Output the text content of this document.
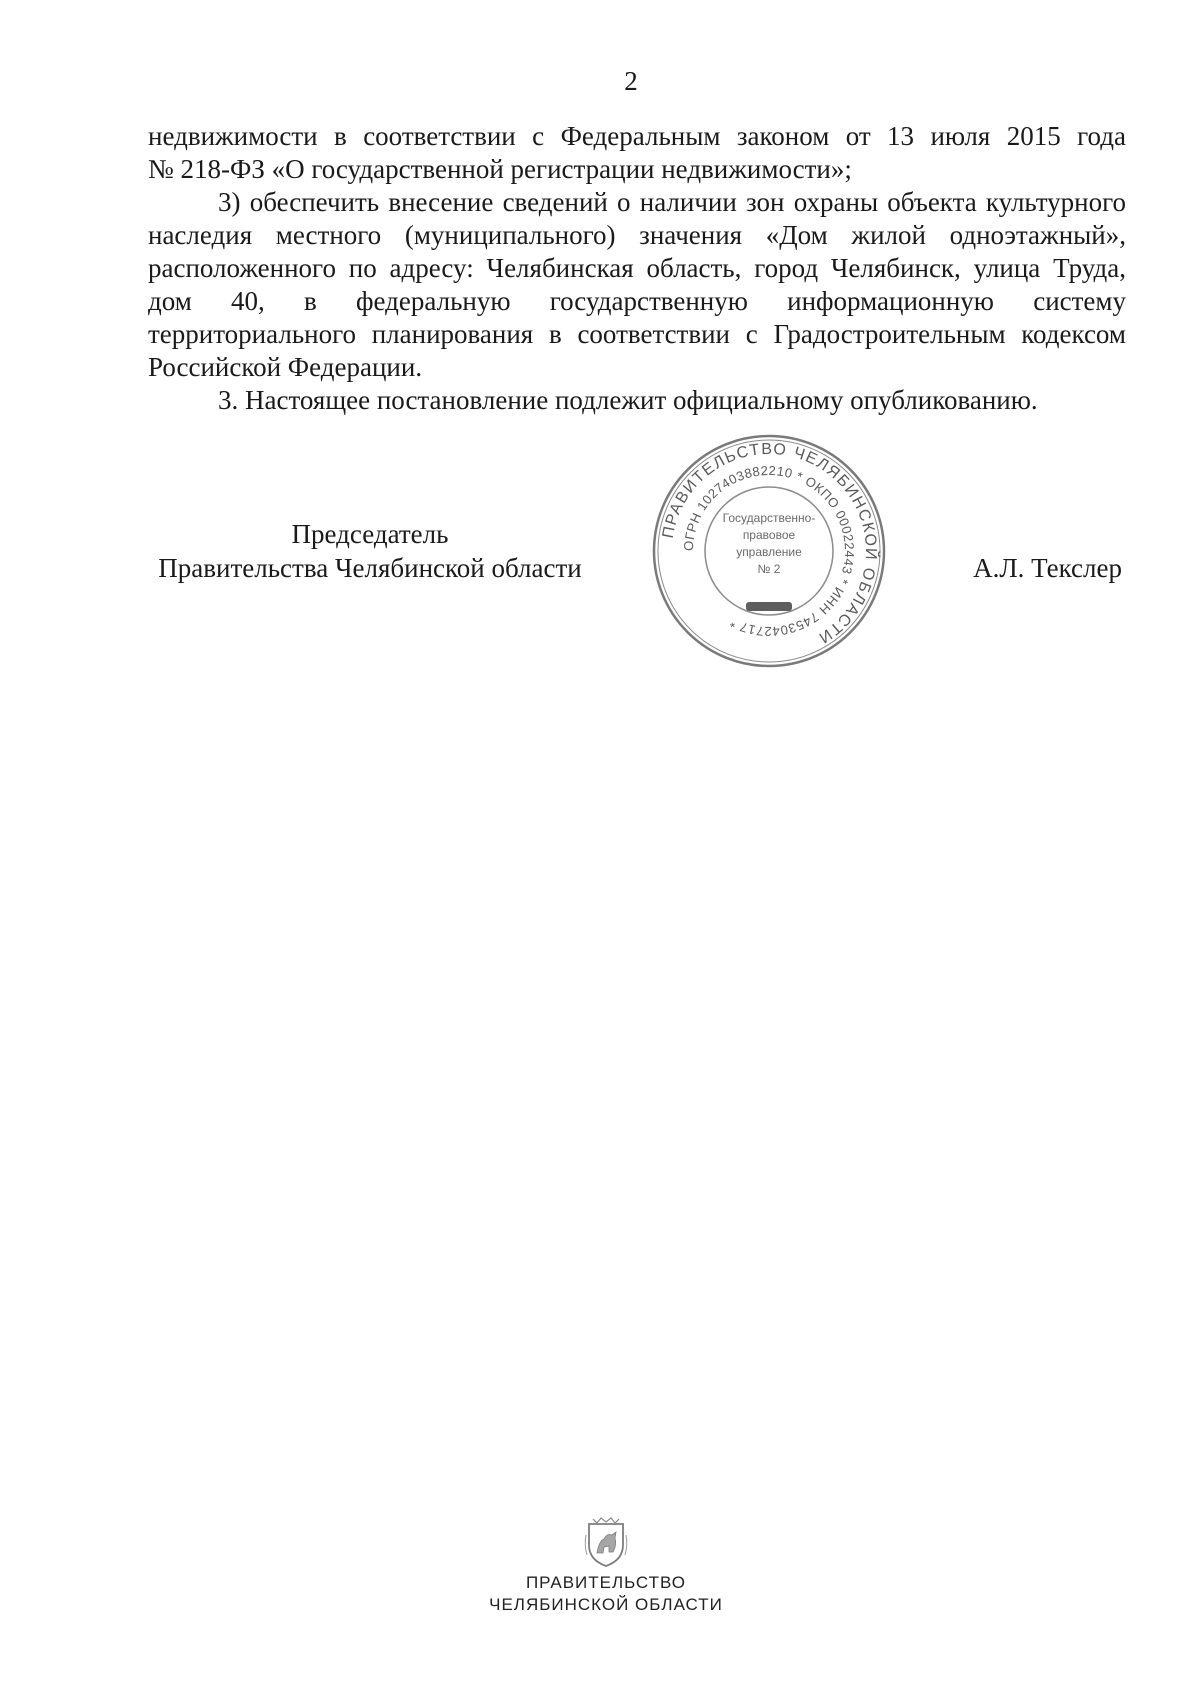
2

недвижимости в соответствии с Федеральным законом от 13 июля 2015 года

№ 218-ФЗ «О государственной регистрации недвижимости»;

3) обеспечить внесение сведений о наличии зон охраны объекта культурного наследия местного (муниципального) значения «Дом жилой одноэтажный», расположенного по адресу: Челябинская область, город Челябинск, улица Труда, дом 40, в федеральную государственную информационную систему территориального планирования в соответствии с Градостроительным кодексом Российской Федерации.

3. Настоящее постановление подлежит официальному опубликованию.

Председатель
Правительства Челябинской области
ПРАВИТЕЛЬСТВО ЧЕЛЯБИНСКОЙ ОБЛАСТИ
ОГРН 1027403882210 * ОКПО 00022443 * ИНН 7453042717 *
Государственно-
правовое
управление
№ 2	А.Л. Текслер
ПРАВИТЕЛЬСТВО
ЧЕЛЯБИНСКОЙ ОБЛАСТИ
